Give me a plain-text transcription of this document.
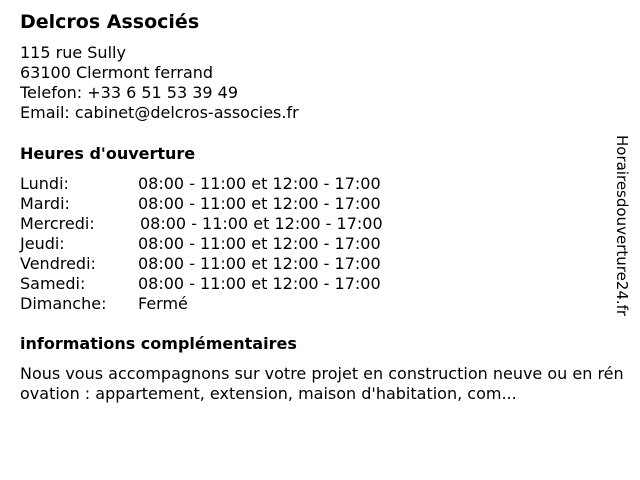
Delcros Associés
115 rue Sully
63100 Clermont ferrand
Telefon: +33 6 51 53 39 49
Email: cabinet@delcros-associes.fr
Heures d'ouverture
Lundi:	08:00 - 11:00 et 12:00 - 17:00
Mardi:	08:00 - 11:00 et 12:00 - 17:00
Mercredi:	08:00 - 11:00 et 12:00 - 17:00
Jeudi:	08:00 - 11:00 et 12:00 - 17:00
Vendredi:	08:00 - 11:00 et 12:00 - 17:00
Samedi:	08:00 - 11:00 et 12:00 - 17:00
Dimanche: Fermé
informations complémentaires
Nous vous accompagnons sur votre projet en construction neuve ou en rénovation : appartement, extension, maison d'habitation, com...
Horairesdouverture24.fr
